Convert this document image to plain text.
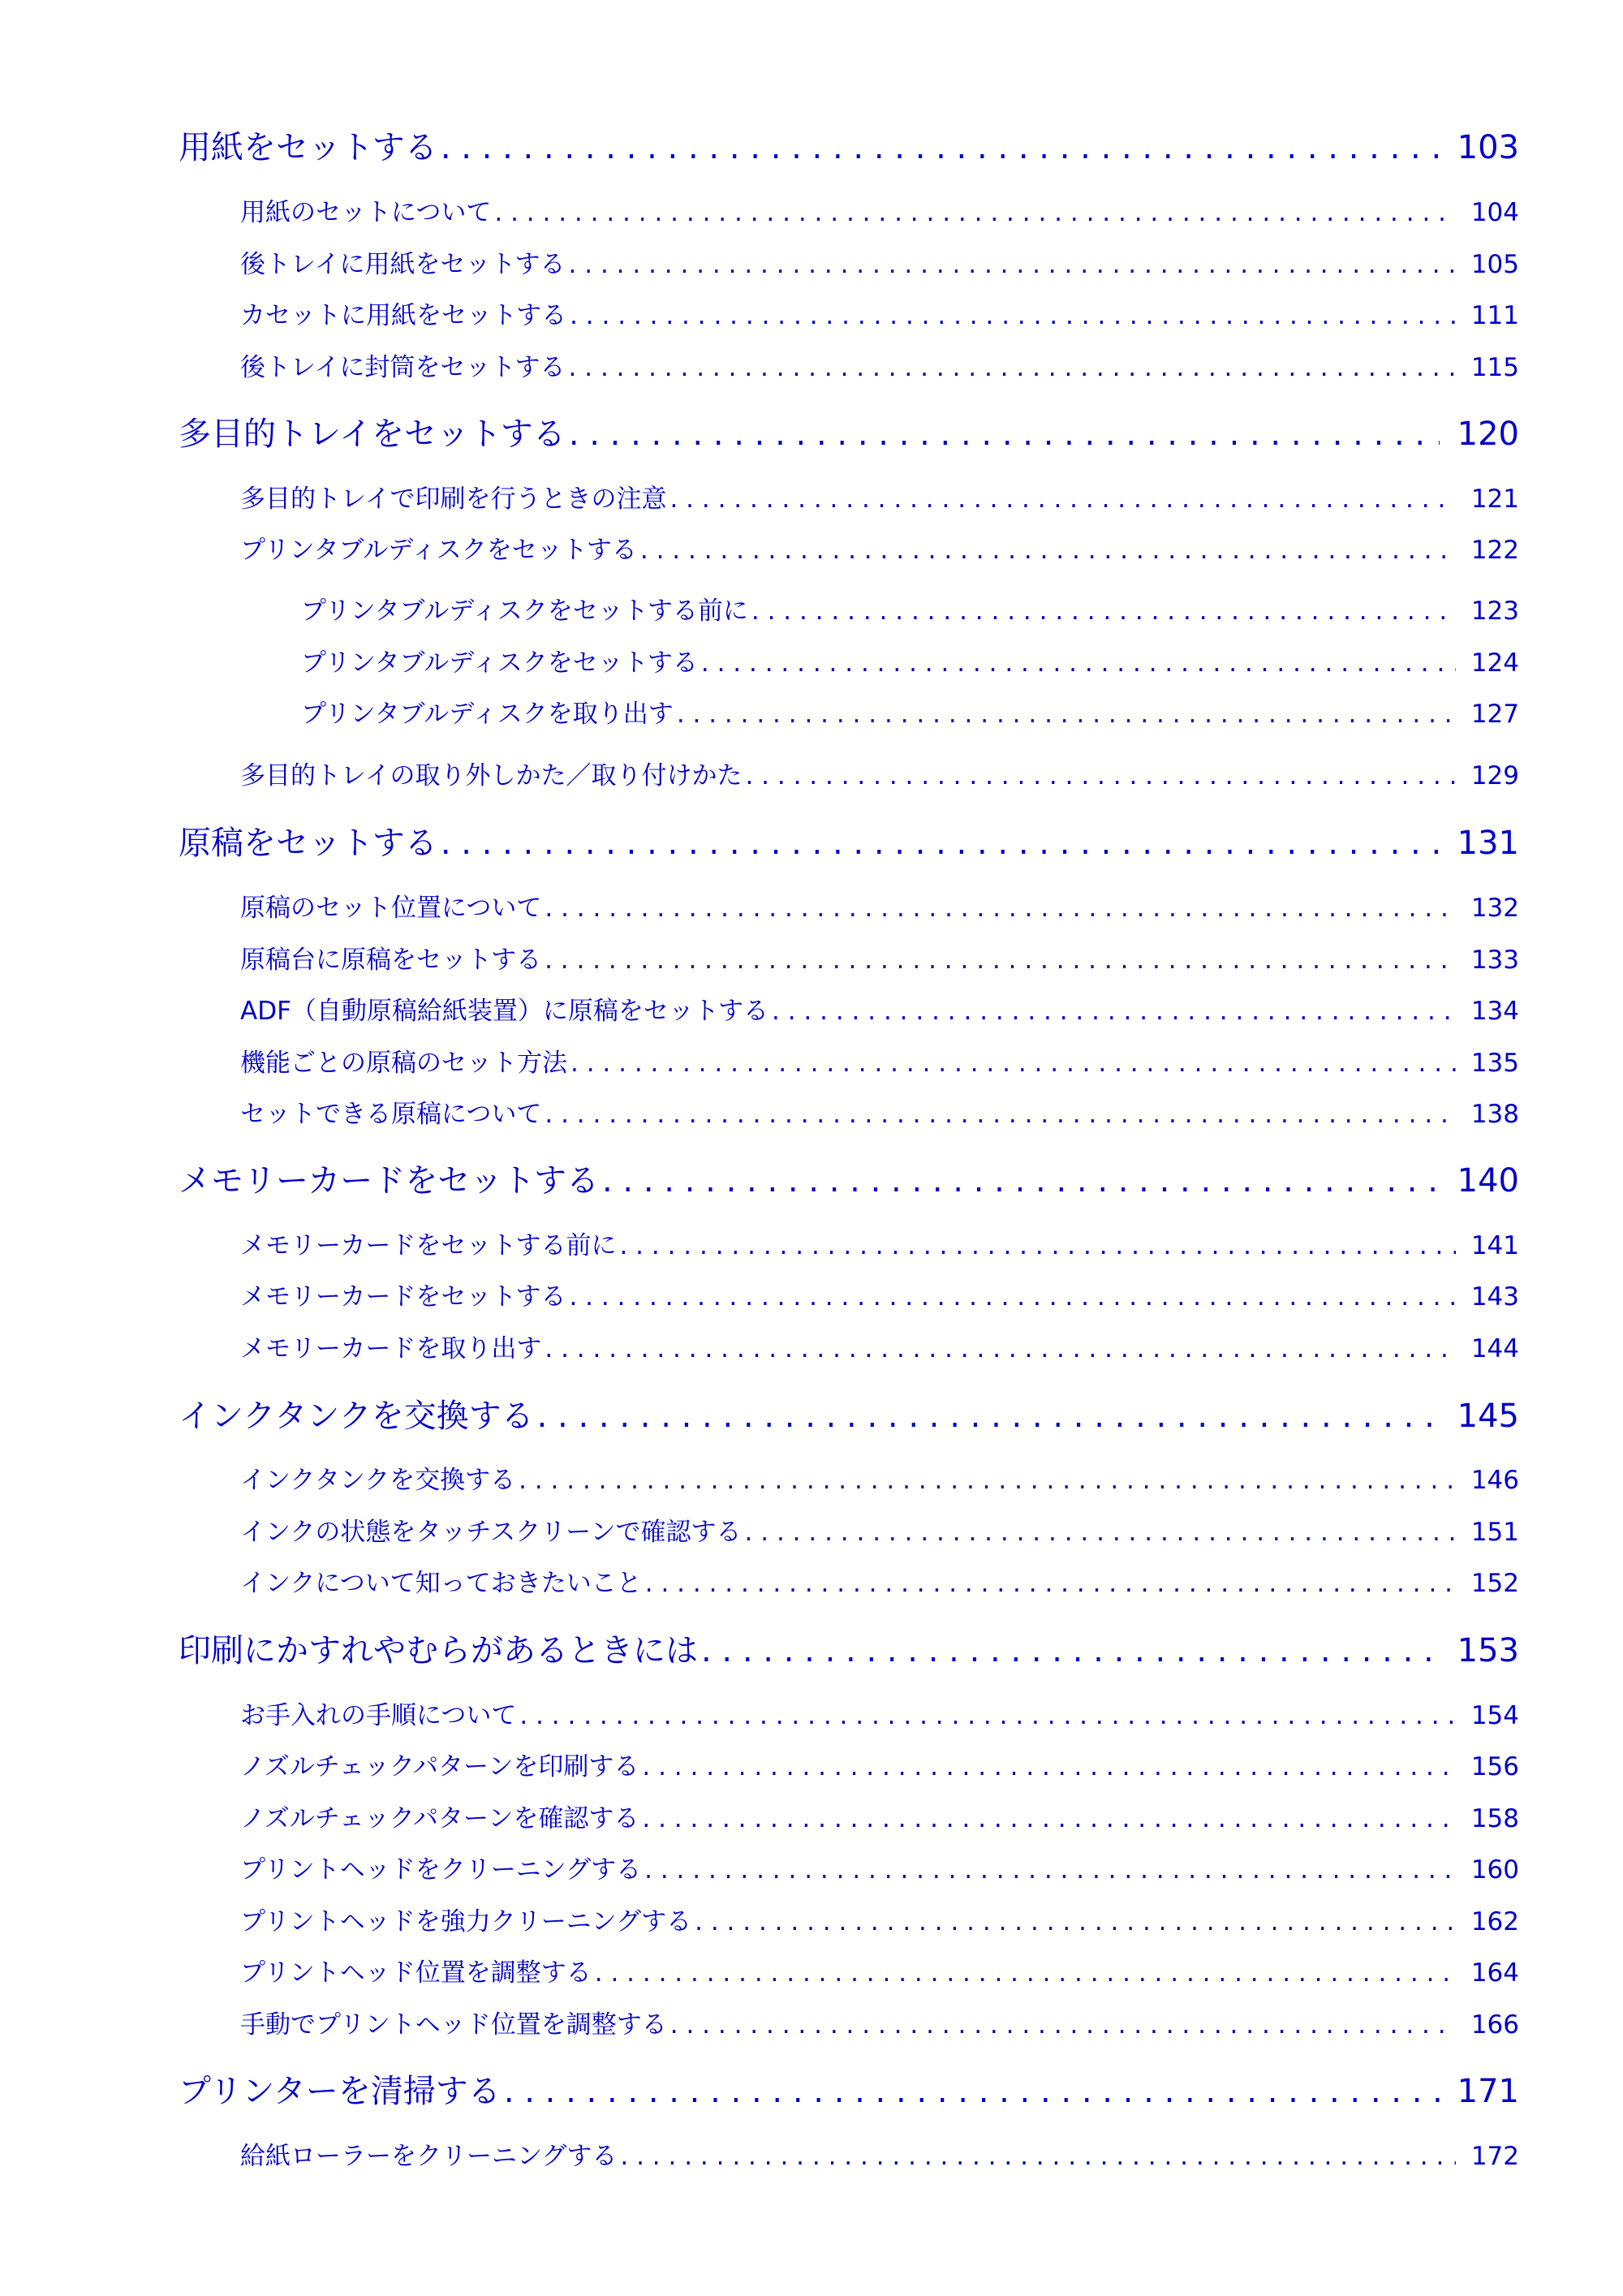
用紙をセットする . . .	103
用紙のセットについて . . .	104
後トレイに用紙をセットする . . .	105
カセットに用紙をセットする . . .	111
後トレイに封筒をセットする . . .	115
多目的トレイをセットする . . .	120
多目的トレイで印刷を行うときの注意 . . .	121
プリンタブルディスクをセットする . . .	122
プリンタブルディスクをセットする前に . . .	123
プリンタブルディスクをセットする . . .	124
プリンタブルディスクを取り出す . . .	127
多目的トレイの取り外しかた／取り付けかた . . .	129
原稿をセットする . . .	131
原稿のセット位置について . . .	132
原稿台に原稿をセットする . . .	133
ADF（自動原稿給紙装置）に原稿をセットする . . .	134
機能ごとの原稿のセット方法 . . .	135
セットできる原稿について . . .	138
メモリーカードをセットする . . .	140
メモリーカードをセットする前に . . .	141
メモリーカードをセットする . . .	143
メモリーカードを取り出す . . .	144
インクタンクを交換する . . .	145
インクタンクを交換する . . .	146
インクの状態をタッチスクリーンで確認する . . .	151
インクについて知っておきたいこと . . .	152
印刷にかすれやむらがあるときには . . .	153
お手入れの手順について . . .	154
ノズルチェックパターンを印刷する . . .	156
ノズルチェックパターンを確認する . . .	158
プリントヘッドをクリーニングする . . .	160
プリントヘッドを強力クリーニングする . . .	162
プリントヘッド位置を調整する . . .	164
手動でプリントヘッド位置を調整する . . .	166
プリンターを清掃する . . .	171
給紙ローラーをクリーニングする . . .	172
